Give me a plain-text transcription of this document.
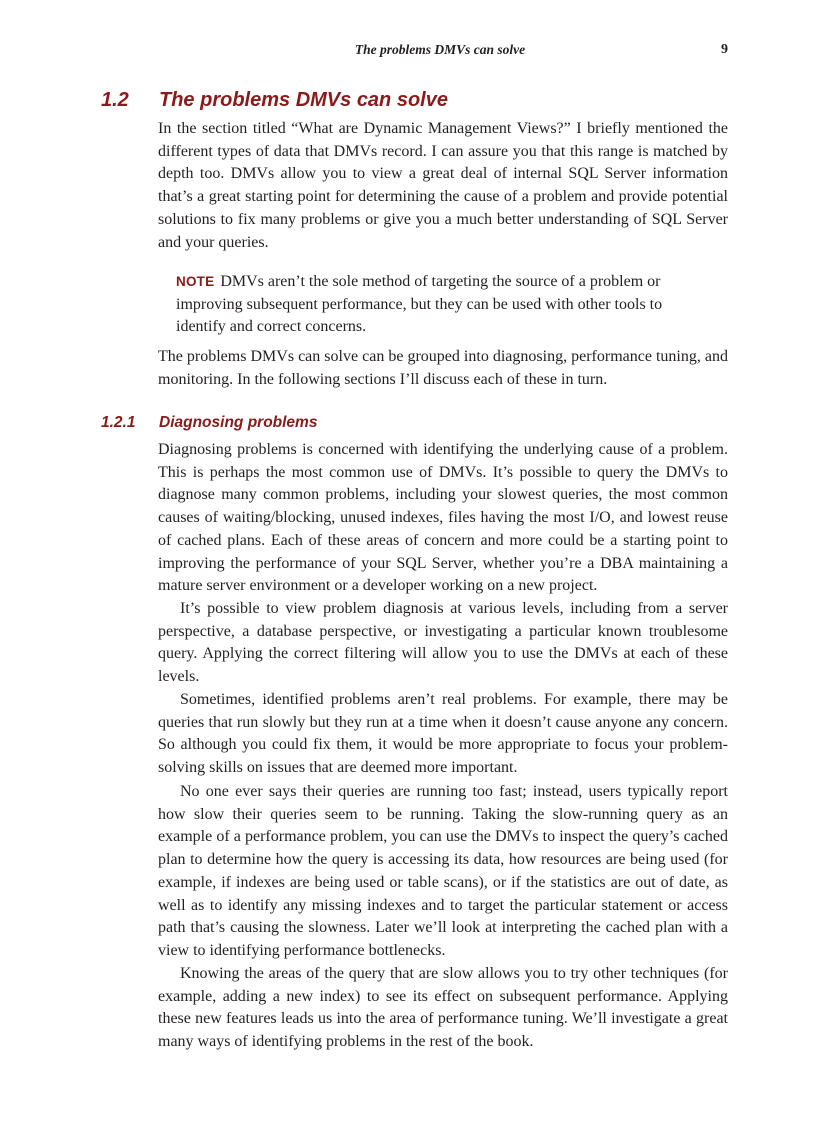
The problems DMVs can solve	9
1.2 The problems DMVs can solve

In the section titled “What are Dynamic Management Views?” I briefly mentioned the different types of data that DMVs record. I can assure you that this range is matched by depth too. DMVs allow you to view a great deal of internal SQL Server information that’s a great starting point for determining the cause of a problem and provide potential solutions to fix many problems or give you a much better understanding of SQL Server and your queries.

NOTE DMVs aren’t the sole method of targeting the source of a problem or improving subsequent performance, but they can be used with other tools to identify and correct concerns.

The problems DMVs can solve can be grouped into diagnosing, performance tuning, and monitoring. In the following sections I’ll discuss each of these in turn.

1.2.1 Diagnosing problems

Diagnosing problems is concerned with identifying the underlying cause of a problem. This is perhaps the most common use of DMVs. It’s possible to query the DMVs to diagnose many common problems, including your slowest queries, the most common causes of waiting/blocking, unused indexes, files having the most I/O, and lowest reuse of cached plans. Each of these areas of concern and more could be a starting point to improving the performance of your SQL Server, whether you’re a DBA maintaining a mature server environment or a developer working on a new project.

It’s possible to view problem diagnosis at various levels, including from a server perspective, a database perspective, or investigating a particular known troublesome query. Applying the correct filtering will allow you to use the DMVs at each of these levels.

Sometimes, identified problems aren’t real problems. For example, there may be queries that run slowly but they run at a time when it doesn’t cause anyone any concern. So although you could fix them, it would be more appropriate to focus your problem-solving skills on issues that are deemed more important.

No one ever says their queries are running too fast; instead, users typically report how slow their queries seem to be running. Taking the slow-running query as an example of a performance problem, you can use the DMVs to inspect the query’s cached plan to determine how the query is accessing its data, how resources are being used (for example, if indexes are being used or table scans), or if the statistics are out of date, as well as to identify any missing indexes and to target the particular statement or access path that’s causing the slowness. Later we’ll look at interpreting the cached plan with a view to identifying performance bottlenecks.

Knowing the areas of the query that are slow allows you to try other techniques (for example, adding a new index) to see its effect on subsequent performance. Applying these new features leads us into the area of performance tuning. We’ll investigate a great many ways of identifying problems in the rest of the book.
